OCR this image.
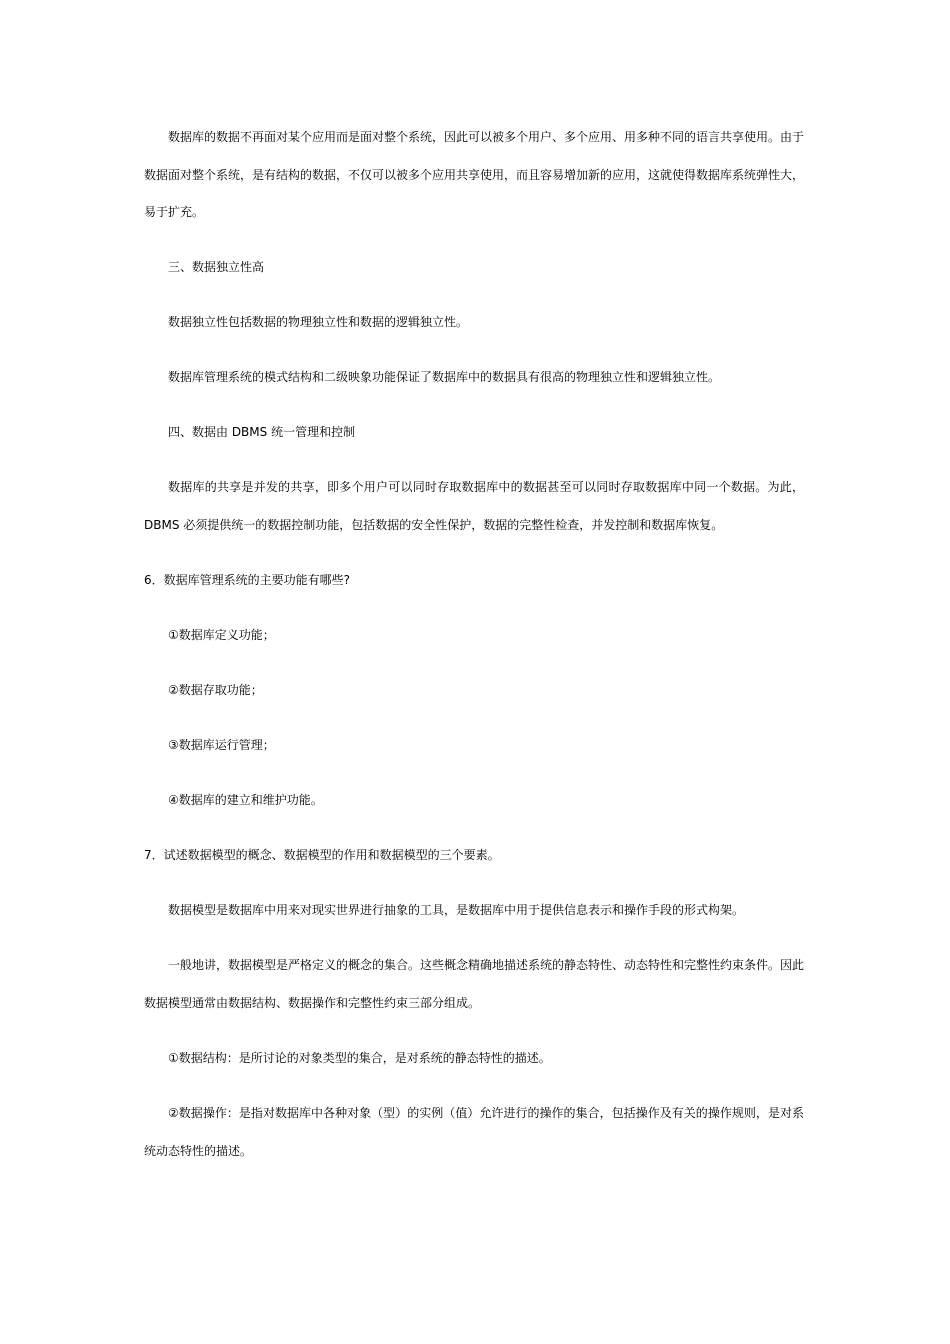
数据库的数据不再面对某个应用而是面对整个系统，因此可以被多个用户、多个应用、用多种不同的语言共享使用。由于
数据面对整个系统，是有结构的数据，不仅可以被多个应用共享使用，而且容易增加新的应用，这就使得数据库系统弹性大，
易于扩充。
三、数据独立性高
数据独立性包括数据的物理独立性和数据的逻辑独立性。
数据库管理系统的模式结构和二级映象功能保证了数据库中的数据具有很高的物理独立性和逻辑独立性。
四、数据由 DBMS 统一管理和控制
数据库的共享是并发的共享，即多个用户可以同时存取数据库中的数据甚至可以同时存取数据库中同一个数据。为此，
DBMS 必须提供统一的数据控制功能，包括数据的安全性保护，数据的完整性检查，并发控制和数据库恢复。
6．数据库管理系统的主要功能有哪些?
①数据库定义功能；
②数据存取功能；
③数据库运行管理；
④数据库的建立和维护功能。
7．试述数据模型的概念、数据模型的作用和数据模型的三个要素。
数据模型是数据库中用来对现实世界进行抽象的工具，是数据库中用于提供信息表示和操作手段的形式构架。
一般地讲，数据模型是严格定义的概念的集合。这些概念精确地描述系统的静态特性、动态特性和完整性约束条件。因此
数据模型通常由数据结构、数据操作和完整性约束三部分组成。
①数据结构：是所讨论的对象类型的集合，是对系统的静态特性的描述。
②数据操作：是指对数据库中各种对象（型）的实例（值）允许进行的操作的集合，包括操作及有关的操作规则，是对系
统动态特性的描述。
